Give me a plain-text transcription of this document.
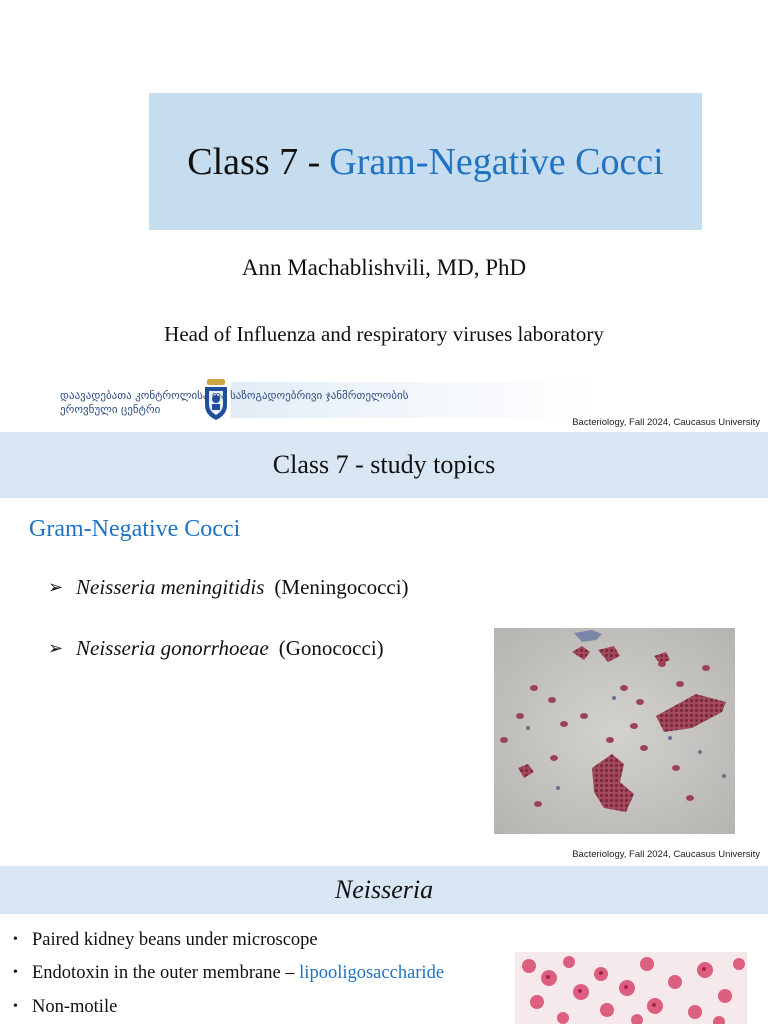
Class 7 - Gram-Negative Cocci
Ann Machablishvili, MD, PhD
Head of Influenza and respiratory viruses laboratory
დაავადებათა კონტროლისა და საზოგადოებრივი ჯანმრთელობის
ეროვნული ცენტრი
Bacteriology, Fall 2024, Caucasus University
Class 7 - study topics
Gram-Negative Cocci
➢ Neisseria meningitidis (Meningococci)
➢ Neisseria gonorrhoeae (Gonococci)
Bacteriology, Fall 2024, Caucasus University
Neisseria
• Paired kidney beans under microscope
• Endotoxin in the outer membrane – lipooligosaccharide
• Non-motile
